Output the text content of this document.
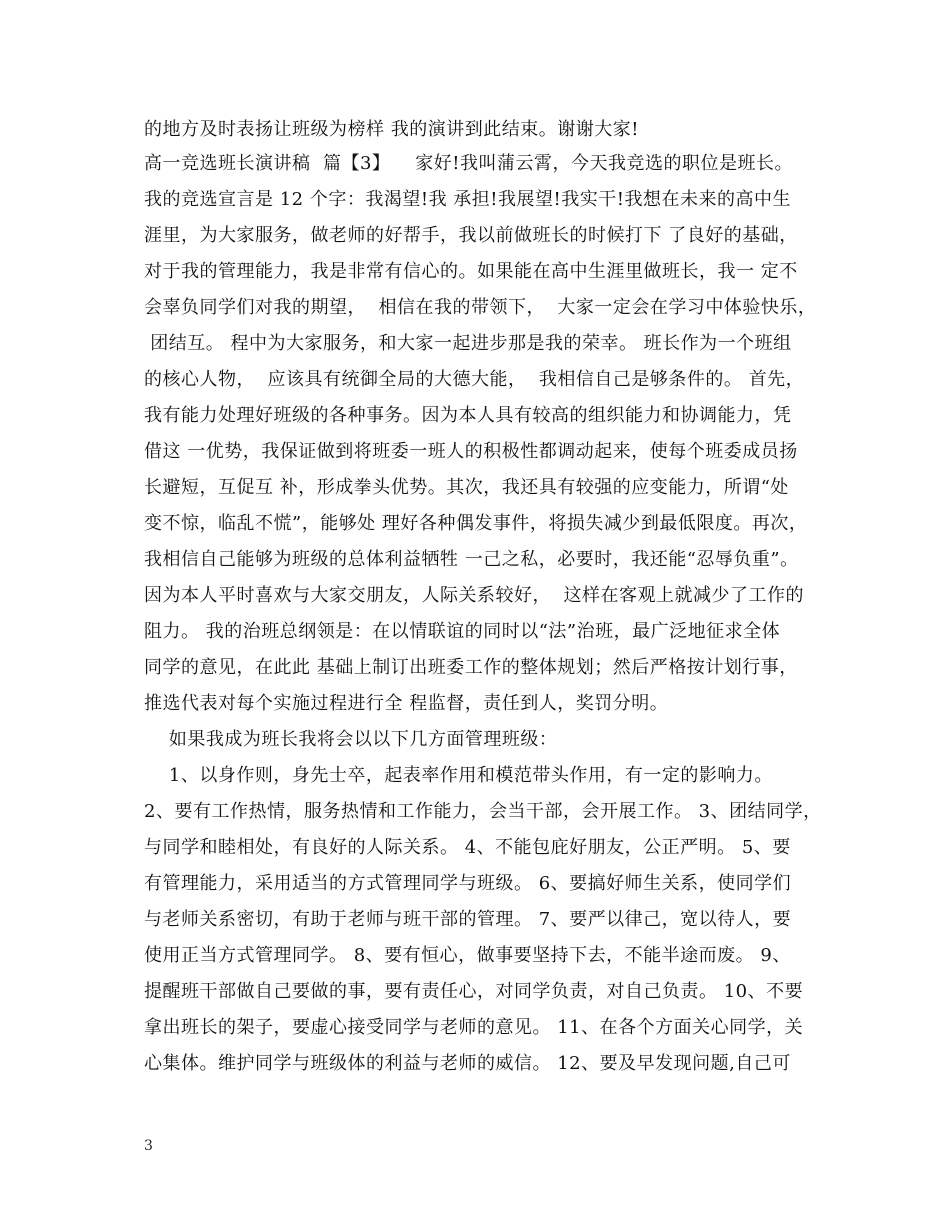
的地方及时表扬让班级为榜样 我的演讲到此结束。谢谢大家!
高一竞选班长演讲稿  篇【3】    家好!我叫蒲云霄，今天我竞选的职位是班长。
我的竞选宣言是 12 个字：我渴望!我 承担!我展望!我实干!我想在未来的高中生
涯里，为大家服务，做老师的好帮手，我以前做班长的时候打下 了良好的基础，
对于我的管理能力，我是非常有信心的。如果能在高中生涯里做班长，我一 定不
会辜负同学们对我的期望，  相信在我的带领下，  大家一定会在学习中体验快乐，
团结互。 程中为大家服务，和大家一起进步那是我的荣幸。 班长作为一个班组
的核心人物，  应该具有统御全局的大德大能，  我相信自己是够条件的。 首先，
我有能力处理好班级的各种事务。因为本人具有较高的组织能力和协调能力，凭
借这 一优势，我保证做到将班委一班人的积极性都调动起来，使每个班委成员扬
长避短，互促互 补，形成拳头优势。其次，我还具有较强的应变能力，所谓“处
变不惊，临乱不慌”，能够处 理好各种偶发事件，将损失减少到最低限度。再次，
我相信自己能够为班级的总体利益牺牲 一己之私，必要时，我还能“忍辱负重”。
因为本人平时喜欢与大家交朋友，人际关系较好，  这样在客观上就减少了工作的
阻力。 我的治班总纲领是：在以情联谊的同时以“法”治班，最广泛地征求全体
同学的意见，在此此 基础上制订出班委工作的整体规划；然后严格按计划行事，
推选代表对每个实施过程进行全 程监督，责任到人，奖罚分明。
如果我成为班长我将会以以下几方面管理班级：
1、以身作则，身先士卒，起表率作用和模范带头作用，有一定的影响力。
2、要有工作热情，服务热情和工作能力，会当干部，会开展工作。 3、团结同学，
与同学和睦相处，有良好的人际关系。 4、不能包庇好朋友，公正严明。 5、要
有管理能力，采用适当的方式管理同学与班级。 6、要搞好师生关系，使同学们
与老师关系密切，有助于老师与班干部的管理。 7、要严以律己，宽以待人，要
使用正当方式管理同学。 8、要有恒心，做事要坚持下去，不能半途而废。 9、
提醒班干部做自己要做的事，要有责任心，对同学负责，对自己负责。 10、不要
拿出班长的架子，要虚心接受同学与老师的意见。 11、在各个方面关心同学，关
心集体。维护同学与班级体的利益与老师的威信。 12、要及早发现问题,自己可
3
